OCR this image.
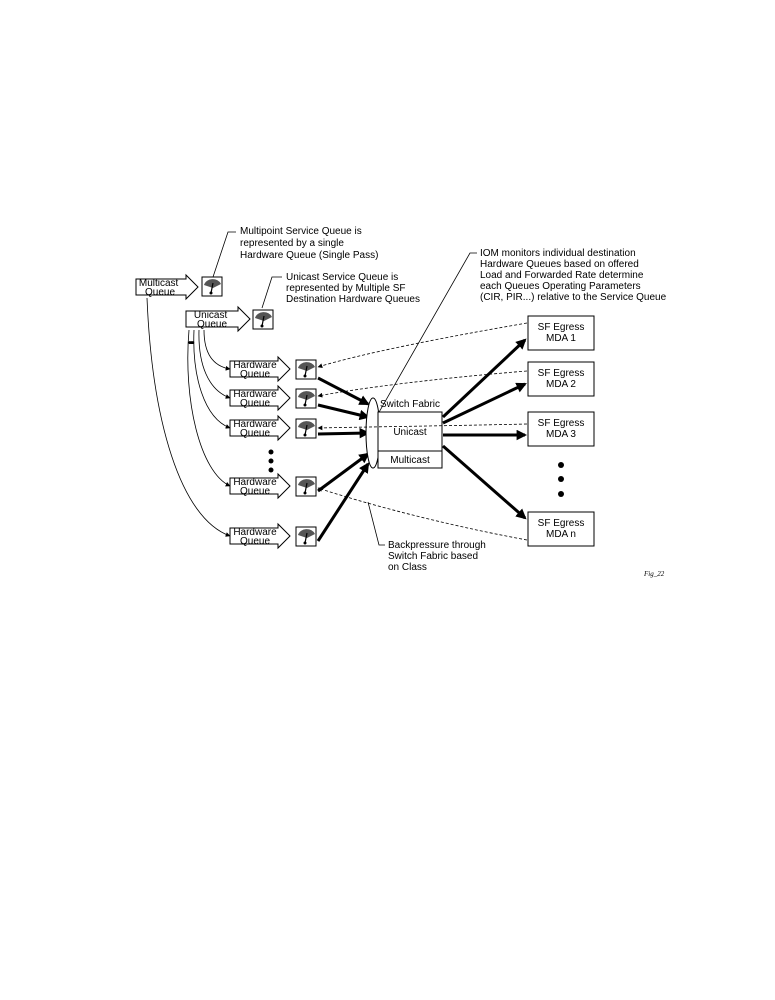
Multipoint Service Queue is represented by a single Hardware Queue (Single Pass)
Unicast Service Queue is represented by Multiple SF Destination Hardware Queues
IOM monitors individual destination Hardware Queues based on offered Load and Forwarded Rate determine each Queues Operating Parameters (CIR, PIR...) relative to the Service Queue
Backpressure through Switch Fabric based on Class
Multicast Queue
Unicast Queue
•••
Hardware Queue
Hardware Queue
Hardware Queue
Hardware Queue
Hardware Queue
Switch Fabric
Unicast
Multicast
SF Egress MDA 1
SF Egress MDA 2
SF Egress MDA 3
SF Egress MDA n
Fig_22
